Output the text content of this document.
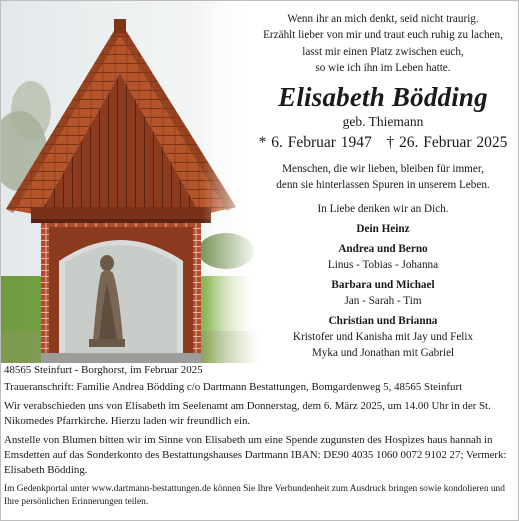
Wenn ihr an mich denkt, seid nicht traurig.
Erzählt lieber von mir und traut euch ruhig zu lachen,
lasst mir einen Platz zwischen euch,
so wie ich ihn im Leben hatte.
Elisabeth Bödding
geb. Thiemann
* 6. Februar 1947   † 26. Februar 2025
Menschen, die wir lieben, bleiben für immer,
denn sie hinterlassen Spuren in unserem Leben.
In Liebe denken wir an Dich.
Dein Heinz
Andrea und Berno
Linus - Tobias - Johanna
Barbara und Michael
Jan - Sarah - Tim
Christian und Brianna
Kristofer und Kanisha mit Jay und Felix
Myka und Jonathan mit Gabriel

48565 Steinfurt - Borghorst, im Februar 2025

Traueranschrift: Familie Andrea Bödding c/o Dartmann Bestattungen, Bomgardenweg 5, 48565 Steinfurt

Wir verabschieden uns von Elisabeth im Seelenamt am Donnerstag, dem 6. März 2025, um 14.00 Uhr in der St. Nikomedes Pfarrkirche. Hierzu laden wir freundlich ein.

Anstelle von Blumen bitten wir im Sinne von Elisabeth um eine Spende zugunsten des Hospizes haus hannah in Emsdetten auf das Sonderkonto des Bestattungshauses Dartmann IBAN: DE90 4035 1060 0072 9102 27; Vermerk: Elisabeth Bödding.

Im Gedenkportal unter www.dartmann-bestattungen.de können Sie Ihre Verbundenheit zum Ausdruck bringen sowie kondolieren und Ihre persönlichen Erinnerungen teilen.
